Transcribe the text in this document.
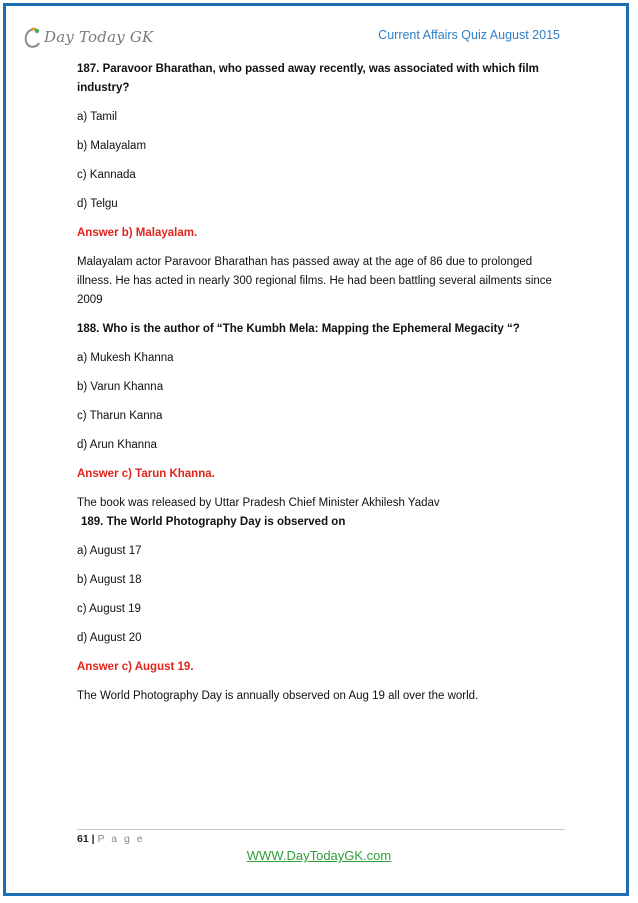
Day Today GK	Current Affairs Quiz August 2015

187. Paravoor Bharathan, who passed away recently, was associated with which film industry?

a) Tamil

b) Malayalam

c) Kannada

d) Telgu

Answer b) Malayalam.

Malayalam actor Paravoor Bharathan has passed away at the age of 86 due to prolonged illness. He has acted in nearly 300 regional films. He had been battling several ailments since 2009

188. Who is the author of “The Kumbh Mela: Mapping the Ephemeral Megacity “?

a) Mukesh Khanna

b) Varun Khanna

c) Tharun Kanna

d) Arun Khanna

Answer c) Tarun Khanna.

The book was released by Uttar Pradesh Chief Minister Akhilesh Yadav

189. The World Photography Day is observed on

a) August 17

b) August 18

c) August 19

d) August 20

Answer c) August 19.

The World Photography Day is annually observed on Aug 19 all over the world.

61 | P a g e
WWW.DayTodayGK.com
